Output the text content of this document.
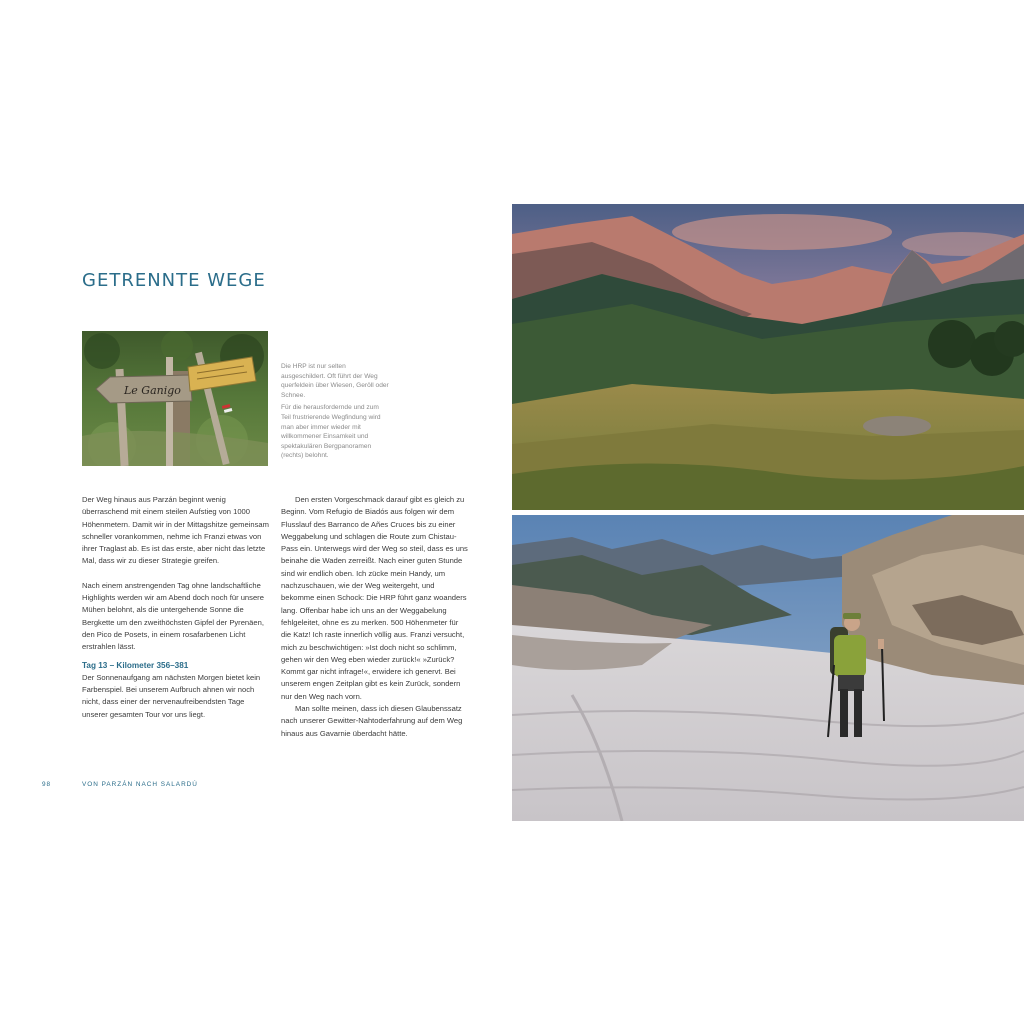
GETRENNTE WEGE
Le Ganigo

Die HRP ist nur selten ausgeschildert. Oft führt der Weg querfeldein über Wiesen, Geröll oder Schnee.

Für die herausfordernde und zum Teil frustrierende Wegfindung wird man aber immer wieder mit willkommener Einsamkeit und spektakulären Bergpanoramen (rechts) belohnt.

Der Weg hinaus aus Parzán beginnt wenig überraschend mit einem steilen Aufstieg von 1000 Höhenmetern. Damit wir in der Mittagshitze gemeinsam schneller vorankommen, nehme ich Franzi etwas von ihrer Traglast ab. Es ist das erste, aber nicht das letzte Mal, dass wir zu dieser Strategie greifen.

Nach einem anstrengenden Tag ohne landschaftliche Highlights werden wir am Abend doch noch für unsere Mühen belohnt, als die untergehende Sonne die Bergkette um den zweithöchsten Gipfel der Pyrenäen, den Pico de Posets, in einem rosafarbenen Licht erstrahlen lässt.

Tag 13 – Kilometer 356–381

Der Sonnenaufgang am nächsten Morgen bietet kein Farbenspiel. Bei unserem Aufbruch ahnen wir noch nicht, dass einer der nervenaufreibendsten Tage unserer gesamten Tour vor uns liegt.

Den ersten Vorgeschmack darauf gibt es gleich zu Beginn. Vom Refugio de Biadós aus folgen wir dem Flusslauf des Barranco de Añes Cruces bis zu einer Weggabelung und schlagen die Route zum Chistau-Pass ein. Unterwegs wird der Weg so steil, dass es uns beinahe die Waden zerreißt. Nach einer guten Stunde sind wir endlich oben. Ich zücke mein Handy, um nachzuschauen, wie der Weg weitergeht, und bekomme einen Schock: Die HRP führt ganz woanders lang. Offenbar habe ich uns an der Weggabelung fehlgeleitet, ohne es zu merken. 500 Höhenmeter für die Katz! Ich raste innerlich völlig aus. Franzi versucht, mich zu beschwichtigen: »Ist doch nicht so schlimm, gehen wir den Weg eben wieder zurück!« »Zurück? Kommt gar nicht infrage!«, erwidere ich genervt. Bei unserem engen Zeitplan gibt es kein Zurück, sondern nur den Weg nach vorn.

Man sollte meinen, dass ich diesen Glaubenssatz nach unserer Gewitter-Nahtoderfahrung auf dem Weg hinaus aus Gavarnie überdacht hätte.

98	VON PARZÁN NACH SALARDÚ
